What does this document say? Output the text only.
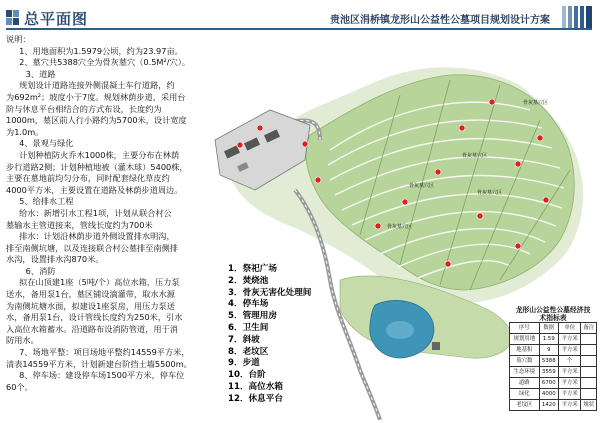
总平面图	贵池区涓桥镇龙形山公益性公墓项目规划设计方案
骨灰墓穴区
骨灰墓穴区
骨灰墓穴区
骨灰墓穴区
骨灰墓穴区

说明：

1、用地面积为1.5979公顷，约为23.97亩。

2、墓穴共5388穴全为骨灰墓穴（0.5M²/穴）。

3、道路

规划设计道路连接外侧混凝土车行道路，约

为692m²；坡度小于7度。规划林荫步道，采用台

阶与休息平台相结合的方式布设，长度约为

1000m，墓区前人行小路约为5700米，设计宽度

为1.0m。

4、景观与绿化

计划种植防火乔木1000株，主要分布在林荫

步行道路2侧；计划种植地被（灌木球）5400株，

主要在墓地前均匀分布，同时配套绿化草皮约

4000平方米，主要设置在道路及林荫步道周边。

5、给排水工程

给水：新增引水工程1项，计划从联合村公

墓输水主管道接来，管线长度约为700米

排水：计划沿林荫步道外侧设置排水明沟，

排至南侧坑塘，以及连接联合村公墓排至南侧排

水沟，设置排水沟870米。

6、消防

拟在山顶建1座（5吨/个）高位水箱，压力泵

送水，备用泵1台，墓区铺设滴灌带，取水水源

为南侧坑塘水面，拟建设1座泵房，用压力泵送

水，备用泵1台，设计管线长度约为250米，引水

入高位水箱蓄水。沿道路布设消防管道，用于消

防用水。

7、场地平整：项目场地平整约14559平方米，

清表14559平方米，计划新建台阶挡土墙5500m。

8、停车场：建设停车场1500平方米，停车位

60个。

1．祭祀广场
2．焚烧池
3．骨灰无害化处理间
4．停车场
5．管理用房
6．卫生间
7．斜坡
8．老坟区
9．步道
10．台阶
11．高位水箱
12．休息平台
龙形山公益性公墓经济技
术指标表
序号	数据	单位	备注
规划用地	1.59	平方米	
地基积	9	平方米	
墓穴数	5388	个	
生态环境	3559	平方米	
道路	6700	平方米	
绿化	4000	平方米	
老坟区	1420	平方米	规状
